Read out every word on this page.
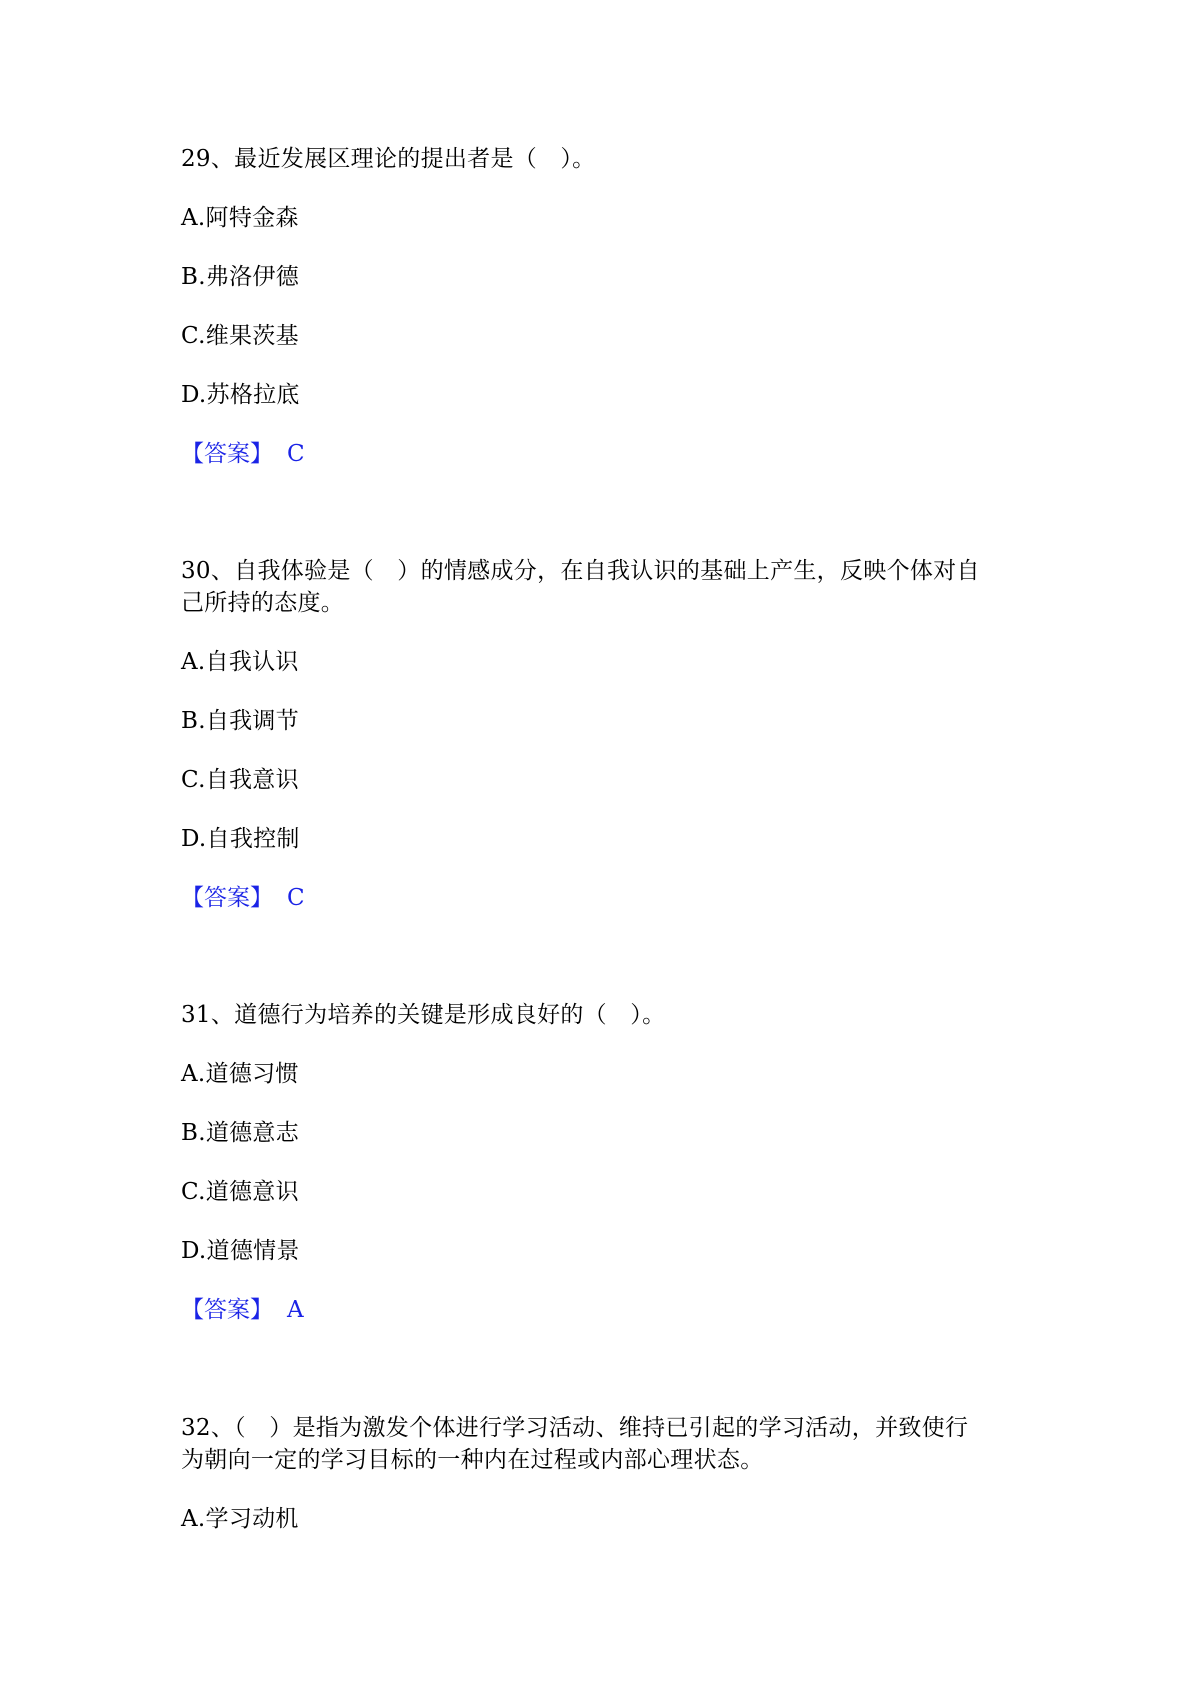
29、最近发展区理论的提出者是（　）。
A.阿特金森
B.弗洛伊德
C.维果茨基
D.苏格拉底
【答案】 C
30、自我体验是（　）的情感成分，在自我认识的基础上产生，反映个体对自
己所持的态度。
A.自我认识
B.自我调节
C.自我意识
D.自我控制
【答案】 C
31、道德行为培养的关键是形成良好的（　）。
A.道德习惯
B.道德意志
C.道德意识
D.道德情景
【答案】 A
32、（　）是指为激发个体进行学习活动、维持已引起的学习活动，并致使行
为朝向一定的学习目标的一种内在过程或内部心理状态。
A.学习动机
